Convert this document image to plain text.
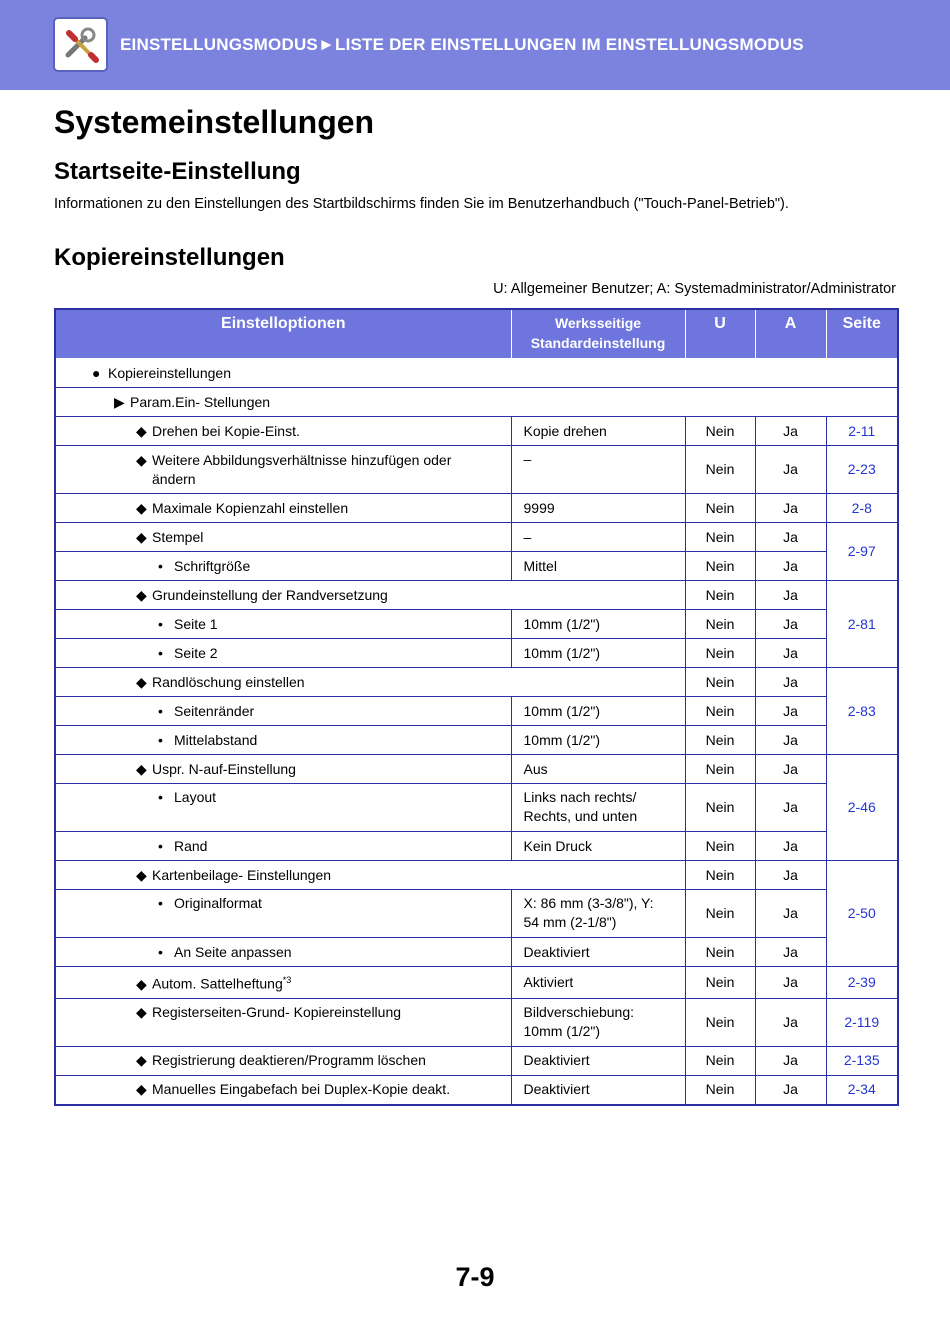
EINSTELLUNGSMODUS►LISTE DER EINSTELLUNGEN IM EINSTELLUNGSMODUS
Systemeinstellungen
Startseite-Einstellung

Informationen zu den Einstellungen des Startbildschirms finden Sie im Benutzerhandbuch ("Touch-Panel-Betrieb").

Kopiereinstellungen
U: Allgemeiner Benutzer; A: Systemadministrator/Administrator
Einstelloptionen	Werksseitige Standardeinstellung	U	A	Seite

● Kopiereinstellungen				
▶ Param.Ein- Stellungen				
◆ Drehen bei Kopie-Einst.	Kopie drehen	Nein	Ja	2-11
◆ Weitere Abbildungsverhältnisse hinzufügen oder ändern	–	Nein	Ja	2-23
◆ Maximale Kopienzahl einstellen	9999	Nein	Ja	2-8
◆ Stempel	–	Nein	Ja	2-97
• Schriftgröße	Mittel	Nein	Ja	
◆ Grundeinstellung der Randversetzung		Nein	Ja	2-81
• Seite 1	10mm (1/2")	Nein	Ja	
• Seite 2	10mm (1/2")	Nein	Ja	
◆ Randlöschung einstellen		Nein	Ja	2-83
• Seitenränder	10mm (1/2")	Nein	Ja	
• Mittelabstand	10mm (1/2")	Nein	Ja	
◆ Uspr. N-auf-Einstellung	Aus	Nein	Ja	2-46
• Layout	Links nach rechts/ Rechts, und unten	Nein	Ja	
• Rand	Kein Druck	Nein	Ja	
◆ Kartenbeilage- Einstellungen		Nein	Ja	2-50
• Originalformat	X: 86 mm (3-3/8"), Y: 54 mm (2-1/8")	Nein	Ja	
• An Seite anpassen	Deaktiviert	Nein	Ja	
◆ Autom. Sattelheftung$^{*3}$	Aktiviert	Nein	Ja	2-39
◆ Registerseiten-Grund- Kopiereinstellung	Bildverschiebung: 10mm (1/2")	Nein	Ja	2-119
◆ Registrierung deaktieren/Programm löschen	Deaktiviert	Nein	Ja	2-135
◆ Manuelles Eingabefach bei Duplex-Kopie deakt.	Deaktiviert	Nein	Ja	2-34
7-9
